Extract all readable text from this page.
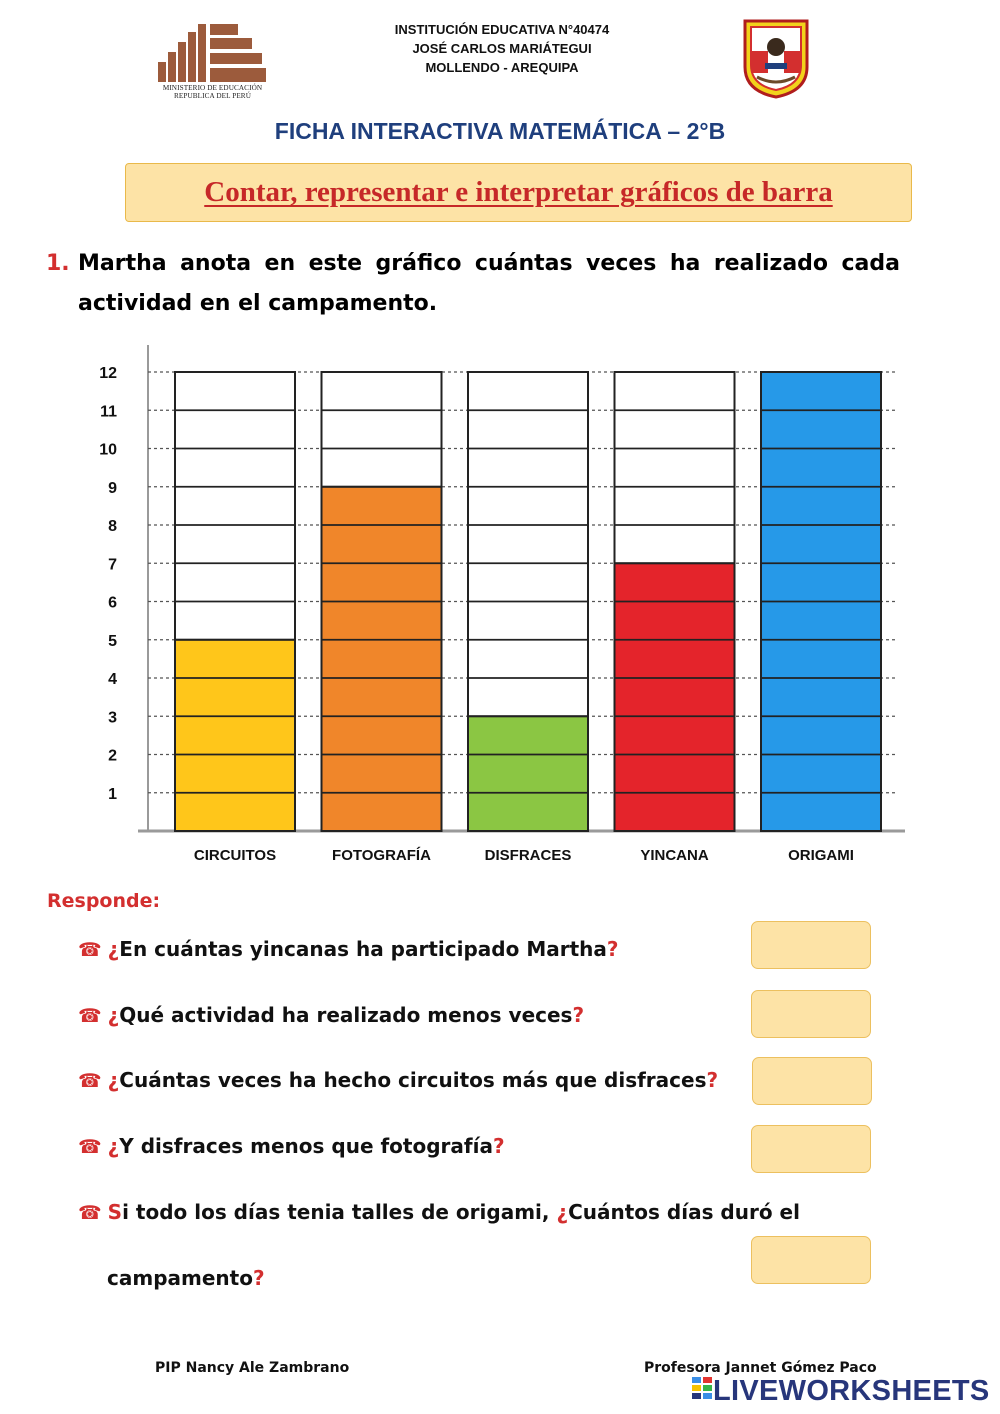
MINISTERIO DE EDUCACIÓN
REPUBLICA DEL PERÚ
INSTITUCIÓN EDUCATIVA N°40474
JOSÉ CARLOS MARIÁTEGUI
MOLLENDO - AREQUIPA
FICHA INTERACTIVA MATEMÁTICA – 2°B
Contar, representar e interpretar gráficos de barra
1. Martha anota en este gráfico cuántas veces ha realizado cada actividad en el campamento.
1
2
3
4
5
6
7
8
9
10
11
12
CIRCUITOS	FOTOGRAFÍA	DISFRACES	YINCANA	ORIGAMI
Responde:
☎ ¿En cuántas yincanas ha participado Martha?
☎ ¿Qué actividad ha realizado menos veces?
☎ ¿Cuántas veces ha hecho circuitos más que disfraces?
☎ ¿Y disfraces menos que fotografía?
☎ Si todo los días tenia talles de origami, ¿Cuántos días duró el
campamento?
PIP Nancy Ale Zambrano	Profesora Jannet Gómez Paco
LIVEWORKSHEETS
